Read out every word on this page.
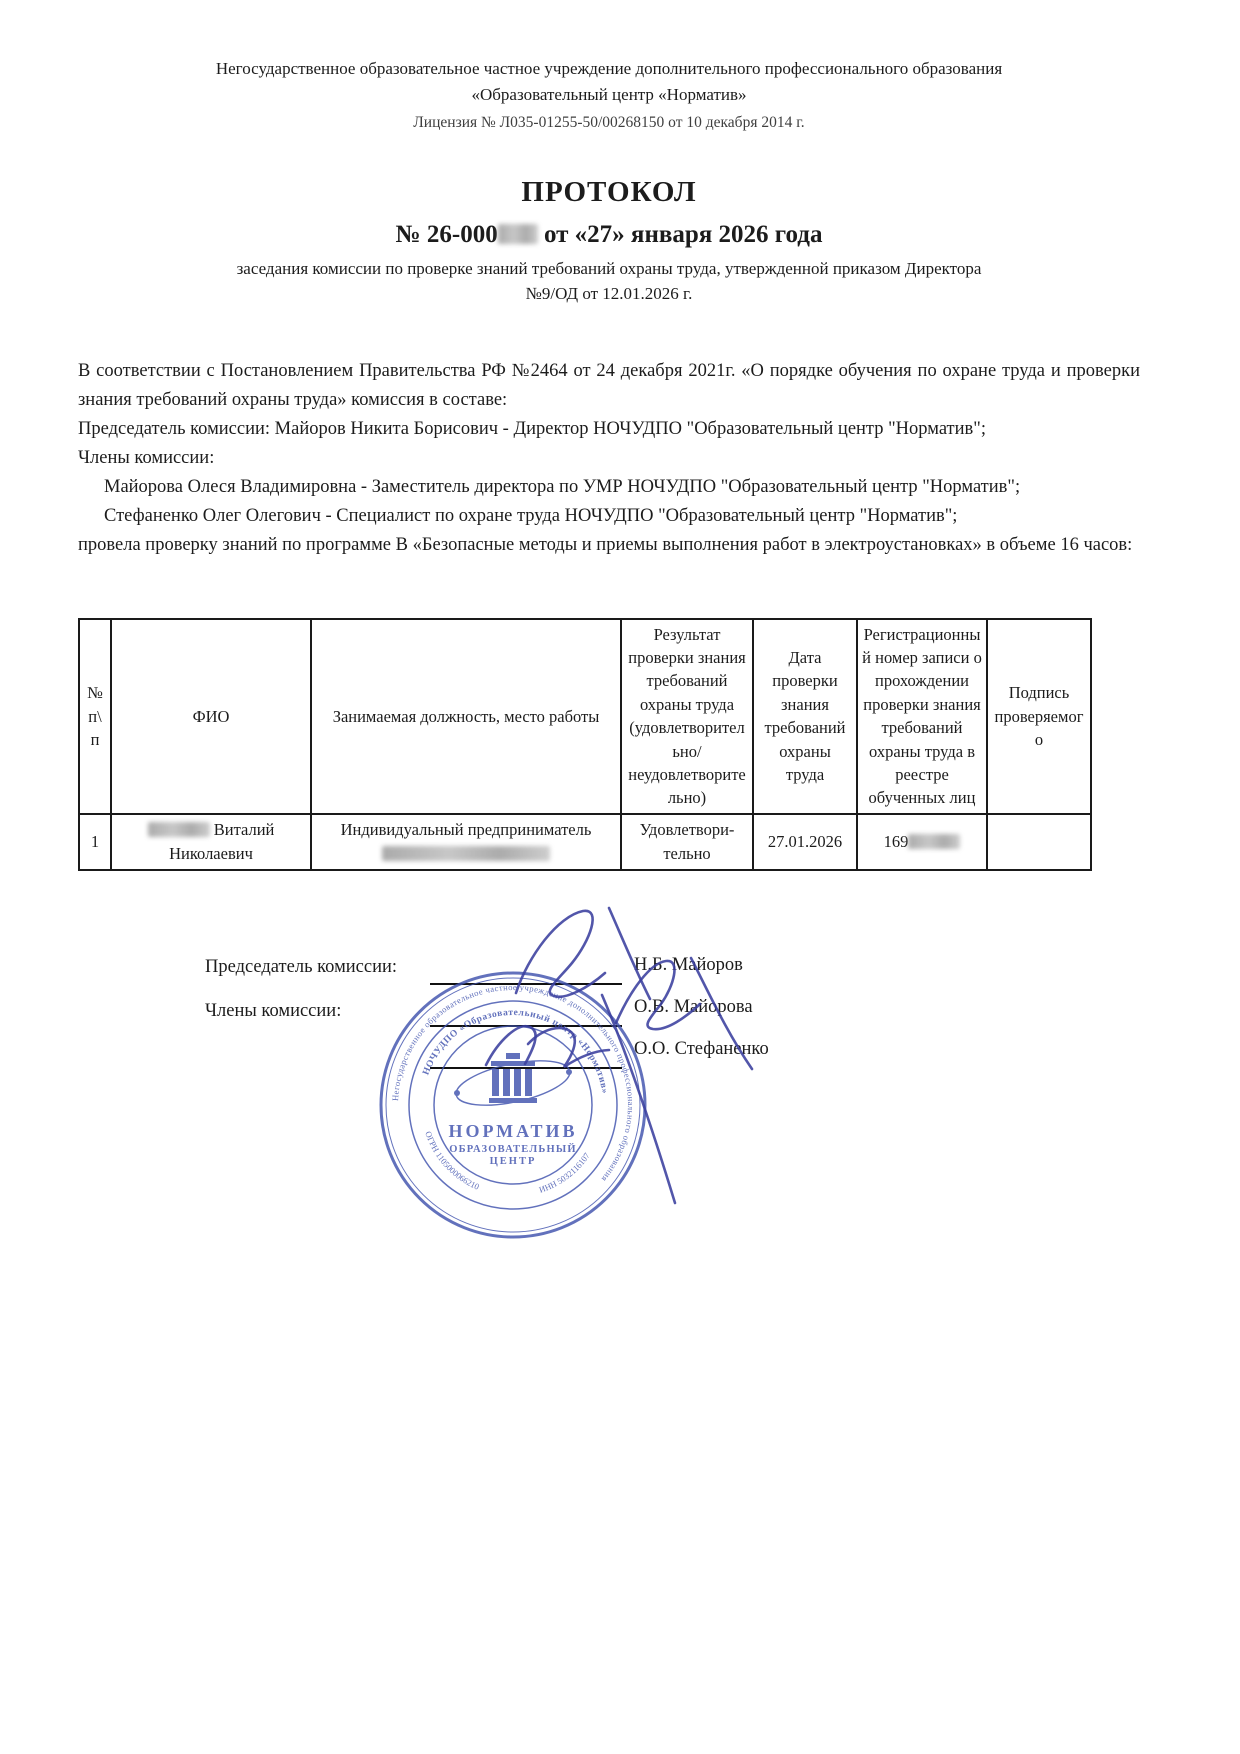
Негосударственное образовательное частное учреждение дополнительного профессионального образования
«Образовательный центр «Норматив»
Лицензия № Л035-01255-50/00268150 от 10 декабря 2014 г.
ПРОТОКОЛ
№ 26-000 от «27» января 2026 года
заседания комиссии по проверке знаний требований охраны труда, утвержденной приказом Директора
№9/ОД от 12.01.2026 г.

В соответствии с Постановлением Правительства РФ №2464 от 24 декабря 2021г. «О порядке обучения по охране труда и проверки знания требований охраны труда» комиссия в составе:

Председатель комиссии: Майоров Никита Борисович - Директор НОЧУДПО "Образовательный центр "Норматив";

Члены комиссии:

Майорова Олеся Владимировна - Заместитель директора по УМР НОЧУДПО "Образовательный центр "Норматив";

Стефаненко Олег Олегович - Специалист по охране труда НОЧУДПО "Образовательный центр "Норматив";

провела проверку знаний по программе В «Безопасные методы и приемы выполнения работ в электроустановках» в объеме 16 часов:

№ п\п	ФИО	Занимаемая должность, место работы	Результат проверки знания требований охраны труда (удовлетворительно/неудовлетворительно)	Дата проверки знания требований охраны труда	Регистрационный номер записи о прохождении проверки знания требований охраны труда в реестре обученных лиц	Подпись проверяемого
1	Виталий Николаевич	Индивидуальный предприниматель	Удовлетвори-тельно	27.01.2026	169	
Председатель комиссии:	Н.Б. Майоров
Члены комиссии:	О.В. Майорова
О.О. Стефаненко
Негосударственное образовательное частное учреждение дополнительного профессионального образования
НОЧУДПО «Образовательный центр «Норматив»
ОГРН 1105000066210	ИНН 5032116107
НОРМАТИВ
ОБРАЗОВАТЕЛЬНЫЙ
ЦЕНТР
